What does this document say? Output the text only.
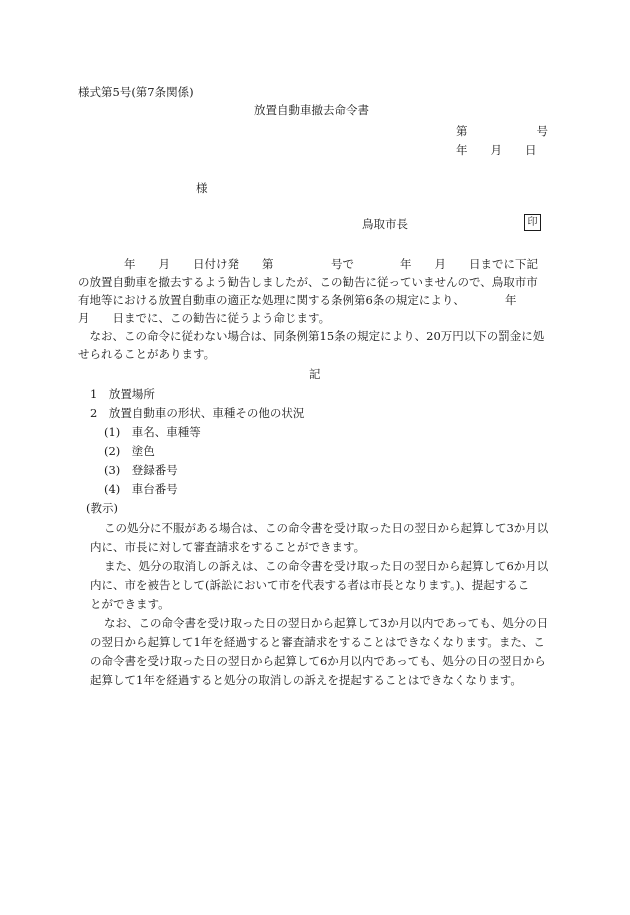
様式第5号(第7条関係)
放置自動車撤去命令書
第　　　　　　号
年　　月　　日
様
鳥取市長	印
　　　　年　　月　　日付け発　　第　　　　　号で　　　　年　　月　　日までに下記
の放置自動車を撤去するよう勧告しましたが、この勧告に従っていませんので、鳥取市市
有地等における放置自動車の適正な処理に関する条例第6条の規定により、　　　　年
月　　日までに、この勧告に従うよう命じます。
　なお、この命令に従わない場合は、同条例第15条の規定により、20万円以下の罰金に処
せられることがあります。
記
1　放置場所
2　放置自動車の形状、車種その他の状況
(1)　車名、車種等
(2)　塗色
(3)　登録番号
(4)　車台番号
(教示)
この処分に不服がある場合は、この命令書を受け取った日の翌日から起算して3か月以
内に、市長に対して審査請求をすることができます。
また、処分の取消しの訴えは、この命令書を受け取った日の翌日から起算して6か月以
内に、市を被告として(訴訟において市を代表する者は市長となります。)、提起するこ
とができます。
なお、この命令書を受け取った日の翌日から起算して3か月以内であっても、処分の日
の翌日から起算して1年を経過すると審査請求をすることはできなくなります。また、こ
の命令書を受け取った日の翌日から起算して6か月以内であっても、処分の日の翌日から
起算して1年を経過すると処分の取消しの訴えを提起することはできなくなります。
